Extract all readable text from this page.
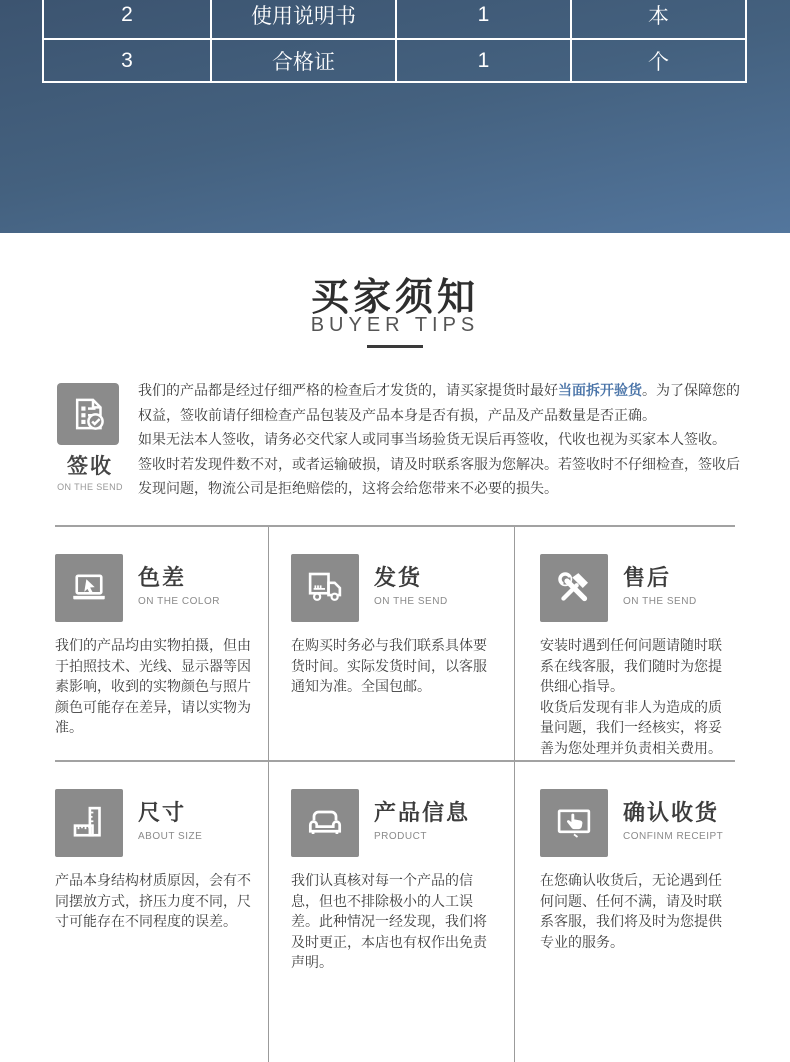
2	使用说明书	1	本
3	合格证	1	个
买家须知
BUYER TIPS
签收
ON THE SEND
我们的产品都是经过仔细严格的检查后才发货的，请买家提货时最好当面拆开验货。为了保障您的权益，签收前请仔细检查产品包装及产品本身是否有损，产品及产品数量是否正确。
如果无法本人签收，请务必交代家人或同事当场验货无误后再签收，代收也视为买家本人签收。
签收时若发现件数不对，或者运输破损，请及时联系客服为您解决。若签收时不仔细检查，签收后发现问题，物流公司是拒绝赔偿的，这将会给您带来不必要的损失。
色差
ON THE COLOR
我们的产品均由实物拍摄，但由于拍照技术、光线、显示器等因素影响，收到的实物颜色与照片颜色可能存在差异，请以实物为准。
发货
ON THE SEND
在购买时务必与我们联系具体要货时间。实际发货时间，以客服通知为准。全国包邮。
售后
ON THE SEND
安装时遇到任何问题请随时联系在线客服，我们随时为您提供细心指导。
收货后发现有非人为造成的质量问题，我们一经核实，将妥善为您处理并负责相关费用。
尺寸
ABOUT SIZE
产品本身结构材质原因，会有不同摆放方式，挤压力度不同，尺寸可能存在不同程度的误差。
产品信息
PRODUCT
我们认真核对每一个产品的信息，但也不排除极小的人工误差。此种情况一经发现，我们将及时更正，本店也有权作出免责声明。
确认收货
CONFINM RECEIPT
在您确认收货后，无论遇到任何问题、任何不满，请及时联系客服，我们将及时为您提供专业的服务。
